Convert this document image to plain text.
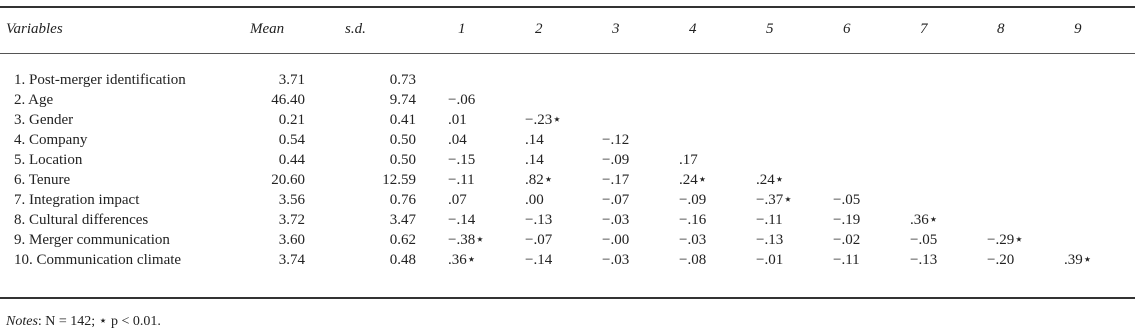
Variables	Mean	s.d.	1	2	3	4	5	6	7	8	9

1. Post-merger identification	3.71	0.73									
2. Age	46.40	9.74	−.06								
3. Gender	0.21	0.41	.01	−.23⋆							
4. Company	0.54	0.50	.04	.14	−.12						
5. Location	0.44	0.50	−.15	.14	−.09	.17					
6. Tenure	20.60	12.59	−.11	.82⋆	−.17	.24⋆	.24⋆				
7. Integration impact	3.56	0.76	.07	.00	−.07	−.09	−.37⋆	−.05			
8. Cultural differences	3.72	3.47	−.14	−.13	−.03	−.16	−.11	−.19	.36⋆		
9. Merger communication	3.60	0.62	−.38⋆	−.07	−.00	−.03	−.13	−.02	−.05	−.29⋆	
10. Communication climate	3.74	0.48	.36⋆	−.14	−.03	−.08	−.01	−.11	−.13	−.20	.39⋆
Notes: N = 142; ⋆ p < 0.01.
